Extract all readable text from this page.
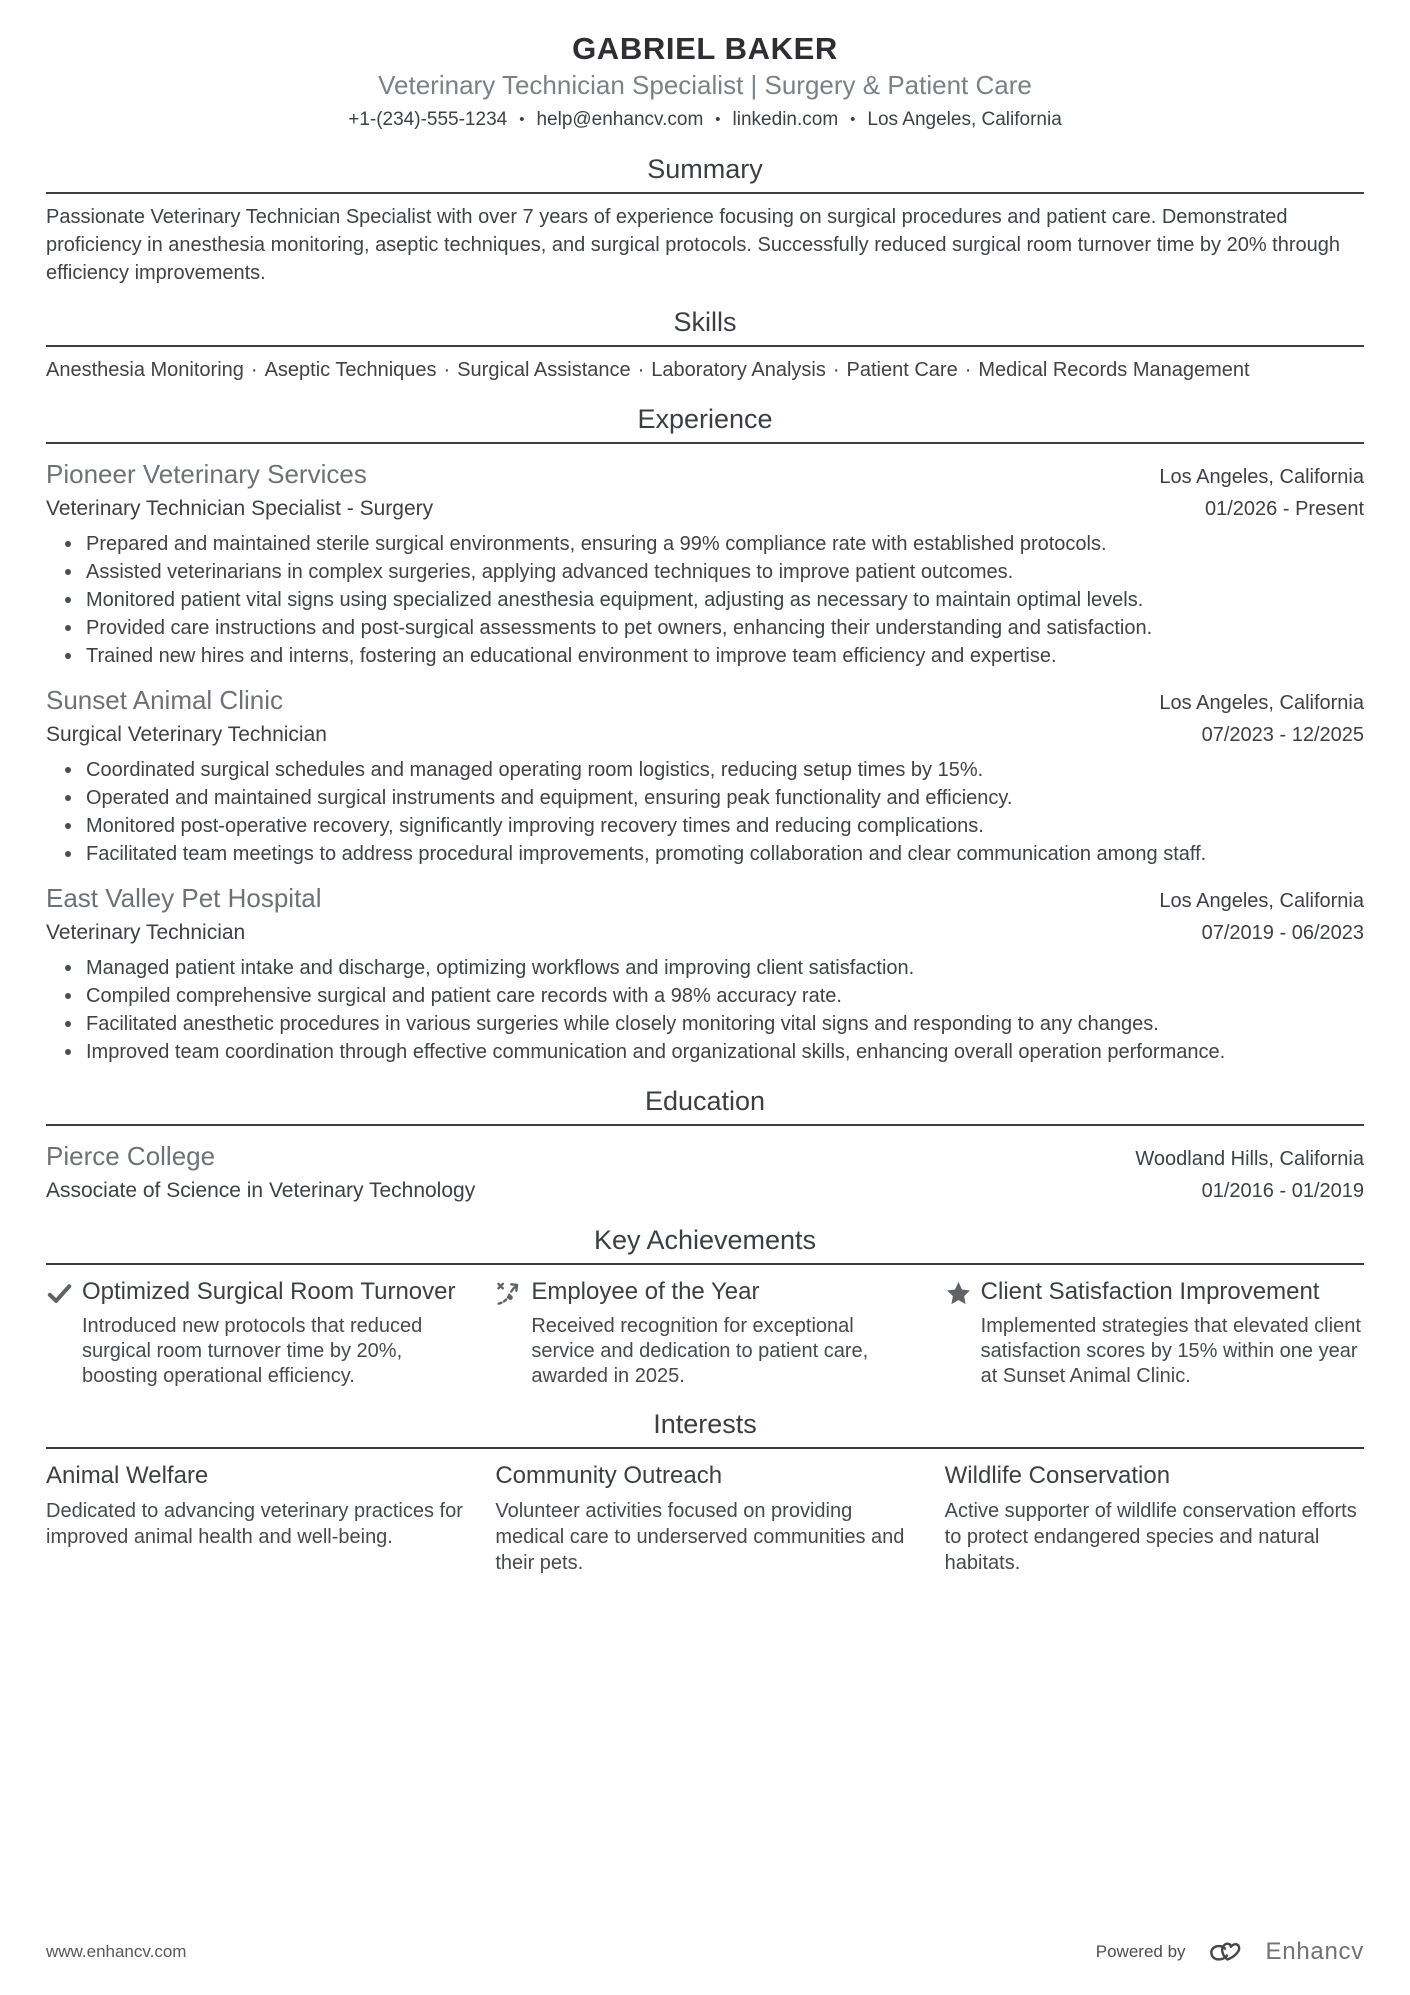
GABRIEL BAKER
Veterinary Technician Specialist | Surgery & Patient Care
+1-(234)-555-1234 • help@enhancv.com • linkedin.com • Los Angeles, California
Summary

Passionate Veterinary Technician Specialist with over 7 years of experience focusing on surgical procedures and patient care. Demonstrated proficiency in anesthesia monitoring, aseptic techniques, and surgical protocols. Successfully reduced surgical room turnover time by 20% through efficiency improvements.

Skills
Anesthesia Monitoring · Aseptic Techniques · Surgical Assistance · Laboratory Analysis · Patient Care · Medical Records Management
Experience
Pioneer Veterinary Services	Los Angeles, California
Veterinary Technician Specialist - Surgery	01/2026 - Present
Prepared and maintained sterile surgical environments, ensuring a 99% compliance rate with established protocols.
Assisted veterinarians in complex surgeries, applying advanced techniques to improve patient outcomes.
Monitored patient vital signs using specialized anesthesia equipment, adjusting as necessary to maintain optimal levels.
Provided care instructions and post-surgical assessments to pet owners, enhancing their understanding and satisfaction.
Trained new hires and interns, fostering an educational environment to improve team efficiency and expertise.
Sunset Animal Clinic	Los Angeles, California
Surgical Veterinary Technician	07/2023 - 12/2025
Coordinated surgical schedules and managed operating room logistics, reducing setup times by 15%.
Operated and maintained surgical instruments and equipment, ensuring peak functionality and efficiency.
Monitored post-operative recovery, significantly improving recovery times and reducing complications.
Facilitated team meetings to address procedural improvements, promoting collaboration and clear communication among staff.
East Valley Pet Hospital	Los Angeles, California
Veterinary Technician	07/2019 - 06/2023
Managed patient intake and discharge, optimizing workflows and improving client satisfaction.
Compiled comprehensive surgical and patient care records with a 98% accuracy rate.
Facilitated anesthetic procedures in various surgeries while closely monitoring vital signs and responding to any changes.
Improved team coordination through effective communication and organizational skills, enhancing overall operation performance.
Education
Pierce College	Woodland Hills, California
Associate of Science in Veterinary Technology	01/2016 - 01/2019
Key Achievements
Optimized Surgical Room Turnover
Introduced new protocols that reduced surgical room turnover time by 20%, boosting operational efficiency.
Employee of the Year
Received recognition for exceptional service and dedication to patient care, awarded in 2025.
Client Satisfaction Improvement
Implemented strategies that elevated client satisfaction scores by 15% within one year at Sunset Animal Clinic.
Interests
Animal Welfare
Dedicated to advancing veterinary practices for improved animal health and well-being.
Community Outreach
Volunteer activities focused on providing medical care to underserved communities and their pets.
Wildlife Conservation
Active supporter of wildlife conservation efforts to protect endangered species and natural habitats.
www.enhancv.com	Powered by	Enhancv
